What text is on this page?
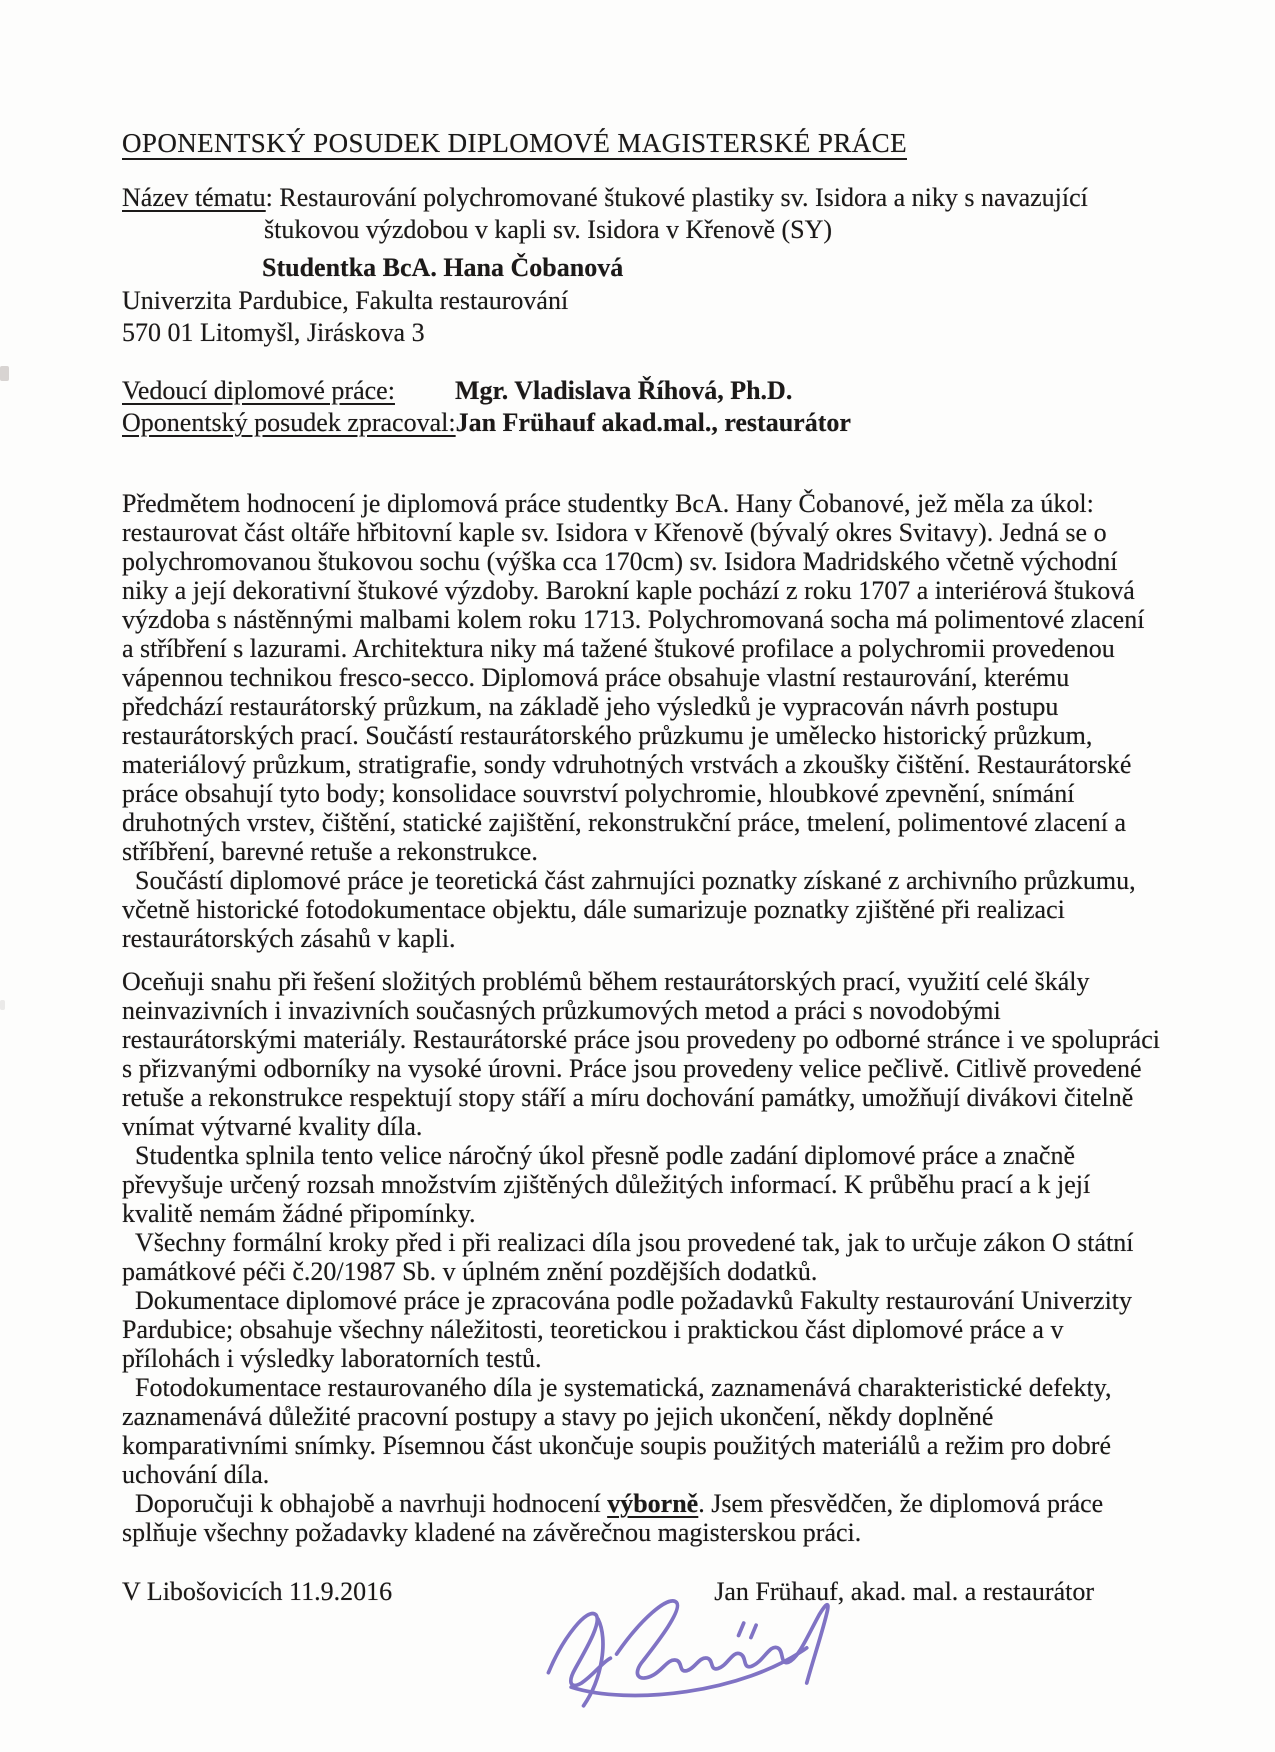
OPONENTSKÝ POSUDEK DIPLOMOVÉ MAGISTERSKÉ PRÁCE
Název tématu: Restaurování polychromované štukové plastiky sv. Isidora a niky s navazující
štukovou výzdobou v kapli sv. Isidora v Křenově (SY)
Studentka BcA. Hana Čobanová
Univerzita Pardubice, Fakulta restaurování
570 01 Litomyšl, Jiráskova 3
Vedoucí diplomové práce:	Mgr. Vladislava Říhová, Ph.D.
Oponentský posudek zpracoval: Jan Frühauf akad.mal., restaurátor

Předmětem hodnocení je diplomová práce studentky BcA. Hany Čobanové, jež měla za úkol: restaurovat část oltáře hřbitovní kaple sv. Isidora v Křenově (bývalý okres Svitavy). Jedná se o polychromovanou štukovou sochu (výška cca 170cm) sv. Isidora Madridského včetně východní niky a její dekorativní štukové výzdoby. Barokní kaple pochází z roku 1707 a interiérová štuková výzdoba s nástěnnými malbami kolem roku 1713. Polychromovaná socha má polimentové zlacení a stříbření s lazurami. Architektura niky má tažené štukové profilace a polychromii provedenou vápennou technikou fresco-secco. Diplomová práce obsahuje vlastní restaurování, kterému předchází restaurátorský průzkum, na základě jeho výsledků je vypracován návrh postupu restaurátorských prací. Součástí restaurátorského průzkumu je umělecko historický průzkum, materiálový průzkum, stratigrafie, sondy vdruhotných vrstvách a zkoušky čištění. Restaurátorské práce obsahují tyto body; konsolidace souvrství polychromie, hloubkové zpevnění, snímání druhotných vrstev, čištění, statické zajištění, rekonstrukční práce, tmelení, polimentové zlacení a stříbření, barevné retuše a rekonstrukce.

Součástí diplomové práce je teoretická část zahrnujíci poznatky získané z archivního průzkumu, včetně historické fotodokumentace objektu, dále sumarizuje poznatky zjištěné při realizaci restaurátorských zásahů v kapli.

Oceňuji snahu při řešení složitých problémů během restaurátorských prací, využití celé škály neinvazivních i invazivních současných průzkumových metod a práci s novodobými restaurátorskými materiály. Restaurátorské práce jsou provedeny po odborné stránce i ve spolupráci s přizvanými odborníky na vysoké úrovni. Práce jsou provedeny velice pečlivě. Citlivě provedené retuše a rekonstrukce respektují stopy stáří a míru dochování památky, umožňují divákovi čitelně vnímat výtvarné kvality díla.

Studentka splnila tento velice náročný úkol přesně podle zadání diplomové práce a značně převyšuje určený rozsah množstvím zjištěných důležitých informací. K průběhu prací a k její kvalitě nemám žádné připomínky.

Všechny formální kroky před i při realizaci díla jsou provedené tak, jak to určuje zákon O státní památkové péči č.20/1987 Sb. v úplném znění pozdějších dodatků.

Dokumentace diplomové práce je zpracována podle požadavků Fakulty restaurování Univerzity Pardubice; obsahuje všechny náležitosti, teoretickou i praktickou část diplomové práce a v přílohách i výsledky laboratorních testů.

Fotodokumentace restaurovaného díla je systematická, zaznamenává charakteristické defekty, zaznamenává důležité pracovní postupy a stavy po jejich ukončení, někdy doplněné komparativními snímky. Písemnou část ukončuje soupis použitých materiálů a režim pro dobré uchování díla.

Doporučuji k obhajobě a navrhuji hodnocení výborně. Jsem přesvědčen, že diplomová práce splňuje všechny požadavky kladené na závěrečnou magisterskou práci.

V Libošovicích 11.9.2016	Jan Frühauf, akad. mal. a restaurátor
